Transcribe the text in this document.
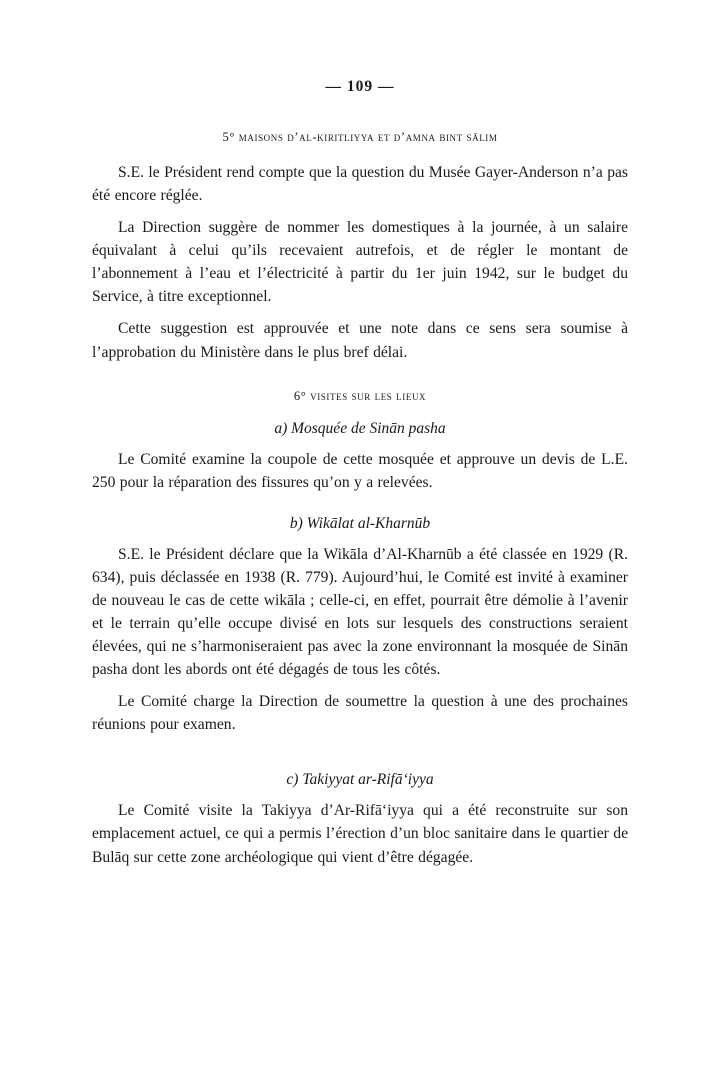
— 109 —
5° maisons d’al-kiritliyya et d’amna bint sālim

S.E. le Président rend compte que la question du Musée Gayer-Anderson n’a pas été encore réglée.

La Direction suggère de nommer les domestiques à la journée, à un salaire équivalant à celui qu’ils recevaient autrefois, et de régler le montant de l’abonnement à l’eau et l’électricité à partir du 1er juin 1942, sur le budget du Service, à titre exceptionnel.

Cette suggestion est approuvée et une note dans ce sens sera soumise à l’approbation du Ministère dans le plus bref délai.

6° visites sur les lieux
a) Mosquée de Sinān pasha

Le Comité examine la coupole de cette mosquée et approuve un devis de L.E. 250 pour la réparation des fissures qu’on y a relevées.

b) Wikālat al-Kharnūb

S.E. le Président déclare que la Wikāla d’Al-Kharnūb a été classée en 1929 (R. 634), puis déclassée en 1938 (R. 779). Aujourd’hui, le Comité est invité à examiner de nouveau le cas de cette wikāla ; celle-ci, en effet, pourrait être démolie à l’avenir et le terrain qu’elle occupe divisé en lots sur lesquels des constructions seraient élevées, qui ne s’harmoniseraient pas avec la zone environnant la mosquée de Sinān pasha dont les abords ont été dégagés de tous les côtés.

Le Comité charge la Direction de soumettre la question à une des prochaines réunions pour examen.

c) Takiyyat ar-Rifā‘iyya

Le Comité visite la Takiyya d’Ar-Rifā‘iyya qui a été reconstruite sur son emplacement actuel, ce qui a permis l’érection d’un bloc sanitaire dans le quartier de Bulāq sur cette zone archéologique qui vient d’être dégagée.
